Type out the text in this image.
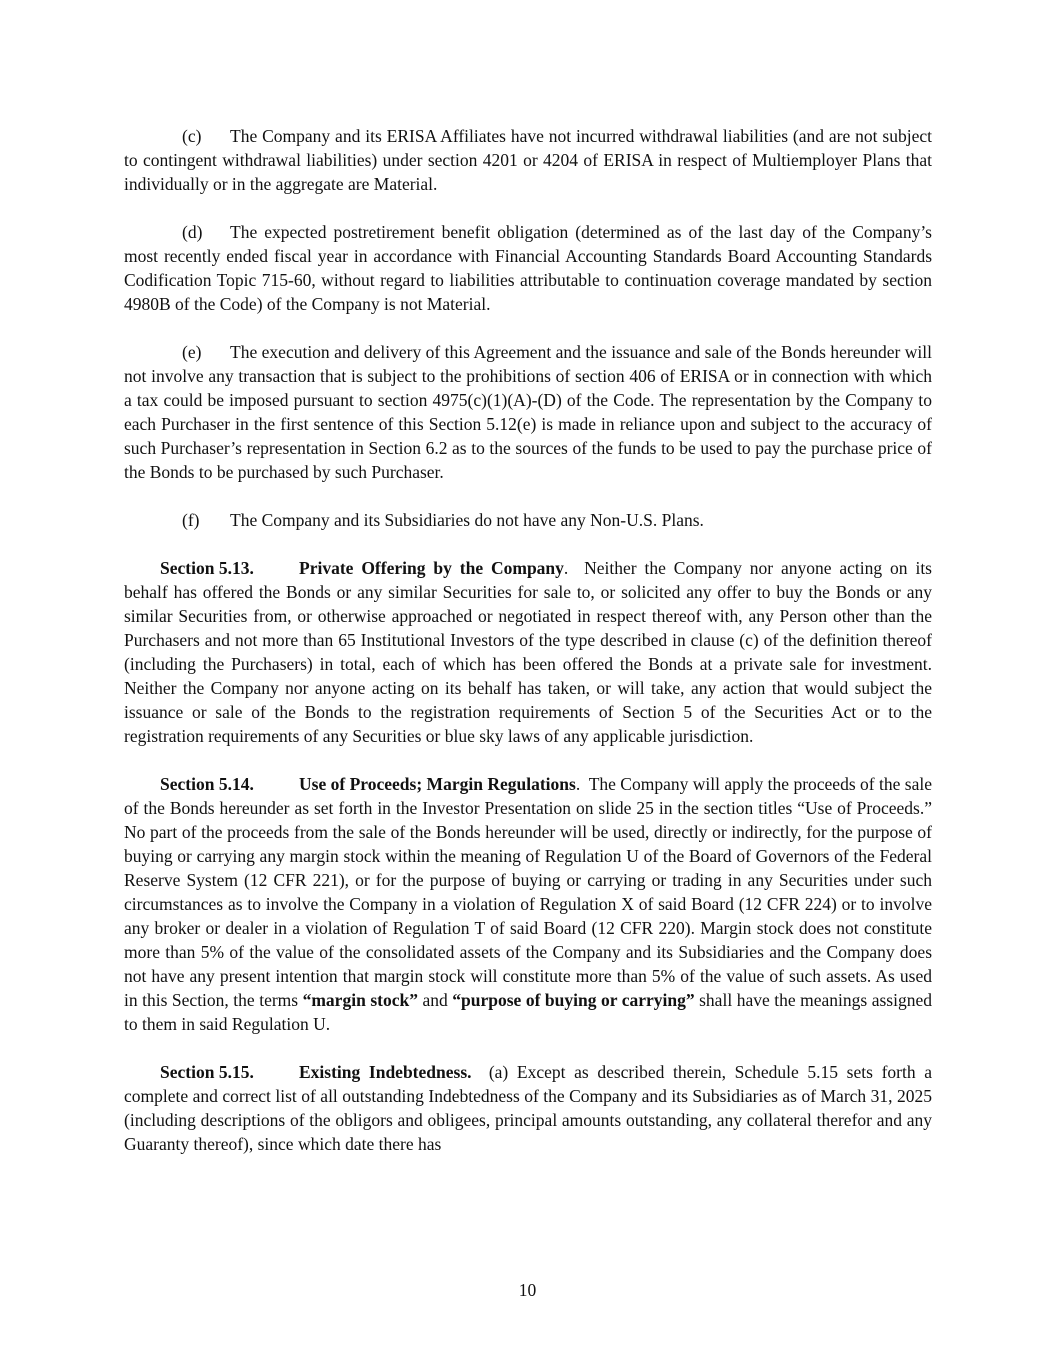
(c) The Company and its ERISA Affiliates have not incurred withdrawal liabilities (and are not subject to contingent withdrawal liabilities) under section 4201 or 4204 of ERISA in respect of Multiemployer Plans that individually or in the aggregate are Material.

(d) The expected postretirement benefit obligation (determined as of the last day of the Company’s most recently ended fiscal year in accordance with Financial Accounting Standards Board Accounting Standards Codification Topic 715-60, without regard to liabilities attributable to continuation coverage mandated by section 4980B of the Code) of the Company is not Material.

(e) The execution and delivery of this Agreement and the issuance and sale of the Bonds hereunder will not involve any transaction that is subject to the prohibitions of section 406 of ERISA or in connection with which a tax could be imposed pursuant to section 4975(c)(1)(A)-(D) of the Code. The representation by the Company to each Purchaser in the first sentence of this Section 5.12(e) is made in reliance upon and subject to the accuracy of such Purchaser’s representation in Section 6.2 as to the sources of the funds to be used to pay the purchase price of the Bonds to be purchased by such Purchaser.

(f) The Company and its Subsidiaries do not have any Non-U.S. Plans.

Section 5.13.	Private Offering by the Company. Neither the Company nor anyone acting on its behalf has offered the Bonds or any similar Securities for sale to, or solicited any offer to buy the Bonds or any similar Securities from, or otherwise approached or negotiated in respect thereof with, any Person other than the Purchasers and not more than 65 Institutional Investors of the type described in clause (c) of the definition thereof (including the Purchasers) in total, each of which has been offered the Bonds at a private sale for investment. Neither the Company nor anyone acting on its behalf has taken, or will take, any action that would subject the issuance or sale of the Bonds to the registration requirements of Section 5 of the Securities Act or to the registration requirements of any Securities or blue sky laws of any applicable jurisdiction.

Section 5.14.	Use of Proceeds; Margin Regulations. The Company will apply the proceeds of the sale of the Bonds hereunder as set forth in the Investor Presentation on slide 25 in the section titles “Use of Proceeds.” No part of the proceeds from the sale of the Bonds hereunder will be used, directly or indirectly, for the purpose of buying or carrying any margin stock within the meaning of Regulation U of the Board of Governors of the Federal Reserve System (12 CFR 221), or for the purpose of buying or carrying or trading in any Securities under such circumstances as to involve the Company in a violation of Regulation X of said Board (12 CFR 224) or to involve any broker or dealer in a violation of Regulation T of said Board (12 CFR 220). Margin stock does not constitute more than 5% of the value of the consolidated assets of the Company and its Subsidiaries and the Company does not have any present intention that margin stock will constitute more than 5% of the value of such assets. As used in this Section, the terms “margin stock” and “purpose of buying or carrying” shall have the meanings assigned to them in said Regulation U.

Section 5.15.	Existing Indebtedness. (a) Except as described therein, Schedule 5.15 sets forth a complete and correct list of all outstanding Indebtedness of the Company and its Subsidiaries as of March 31, 2025 (including descriptions of the obligors and obligees, principal amounts outstanding, any collateral therefor and any Guaranty thereof), since which date there has

10
